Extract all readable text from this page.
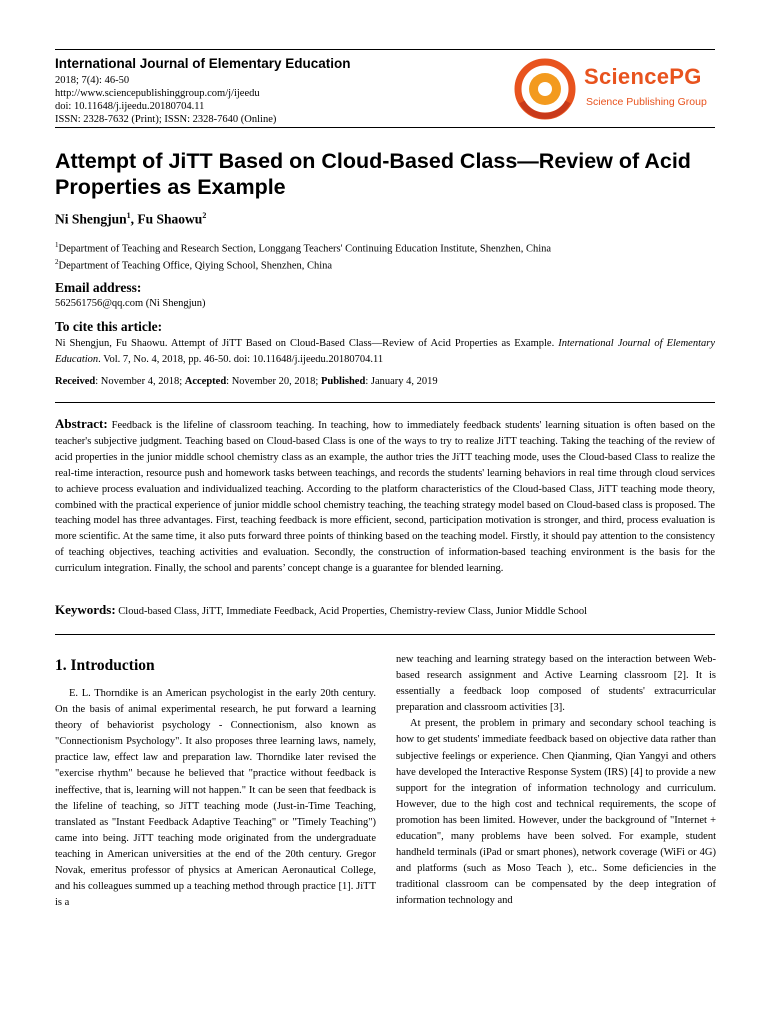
International Journal of Elementary Education
2018; 7(4): 46-50
http://www.sciencepublishinggroup.com/j/ijeedu
doi: 10.11648/j.ijeedu.20180704.11
ISSN: 2328-7632 (Print); ISSN: 2328-7640 (Online)
SciencePG
Science Publishing Group
Attempt of JiTT Based on Cloud-Based Class—Review of Acid Properties as Example
Ni Shengjun$^1$, Fu Shaowu$^2$
$^1$Department of Teaching and Research Section, Longgang Teachers' Continuing Education Institute, Shenzhen, China
$^2$Department of Teaching Office, Qiying School, Shenzhen, China
Email address:
562561756@qq.com (Ni Shengjun)
To cite this article:
Ni Shengjun, Fu Shaowu. Attempt of JiTT Based on Cloud-Based Class—Review of Acid Properties as Example. International Journal of Elementary Education. Vol. 7, No. 4, 2018, pp. 46-50. doi: 10.11648/j.ijeedu.20180704.11
Received: November 4, 2018; Accepted: November 20, 2018; Published: January 4, 2019
Abstract: Feedback is the lifeline of classroom teaching. In teaching, how to immediately feedback students' learning situation is often based on the teacher's subjective judgment. Teaching based on Cloud-based Class is one of the ways to try to realize JiTT teaching. Taking the teaching of the review of acid properties in the junior middle school chemistry class as an example, the author tries the JiTT teaching mode, uses the Cloud-based Class to realize the real-time interaction, resource push and homework tasks between teachings, and records the students' learning behaviors in real time through cloud services to achieve process evaluation and individualized teaching. According to the platform characteristics of the Cloud-based Class, JiTT teaching mode theory, combined with the practical experience of junior middle school chemistry teaching, the teaching strategy model based on Cloud-based class is proposed. The teaching model has three advantages. First, teaching feedback is more efficient, second, participation motivation is stronger, and third, process evaluation is more scientific. At the same time, it also puts forward three points of thinking based on the teaching model. Firstly, it should pay attention to the consistency of teaching objectives, teaching activities and evaluation. Secondly, the construction of information-based teaching environment is the basis for the curriculum integration. Finally, the school and parents’ concept change is a guarantee for blended learning.
Keywords: Cloud-based Class, JiTT, Immediate Feedback, Acid Properties, Chemistry-review Class, Junior Middle School
1. Introduction

E. L. Thorndike is an American psychologist in the early 20th century. On the basis of animal experimental research, he put forward a learning theory of behaviorist psychology - Connectionism, also known as "Connectionism Psychology". It also proposes three learning laws, namely, practice law, effect law and preparation law. Thorndike later revised the "exercise rhythm" because he believed that "practice without feedback is ineffective, that is, learning will not happen." It can be seen that feedback is the lifeline of teaching, so JiTT teaching mode (Just-in-Time Teaching, translated as "Instant Feedback Adaptive Teaching" or "Timely Teaching") came into being. JiTT teaching mode originated from the undergraduate teaching in American universities at the end of the 20th century. Gregor Novak, emeritus professor of physics at American Aeronautical College, and his colleagues summed up a teaching method through practice [1]. JiTT is a

new teaching and learning strategy based on the interaction between Web-based research assignment and Active Learning classroom [2]. It is essentially a feedback loop composed of students' extracurricular preparation and classroom activities [3].

At present, the problem in primary and secondary school teaching is how to get students' immediate feedback based on objective data rather than subjective feelings or experience. Chen Qianming, Qian Yangyi and others have developed the Interactive Response System (IRS) [4] to provide a new support for the integration of information technology and curriculum. However, due to the high cost and technical requirements, the scope of promotion has been limited. However, under the background of "Internet + education", many problems have been solved. For example, student handheld terminals (iPad or smart phones), network coverage (WiFi or 4G) and platforms (such as Moso Teach ), etc.. Some deficiencies in the traditional classroom can be compensated by the deep integration of information technology and
